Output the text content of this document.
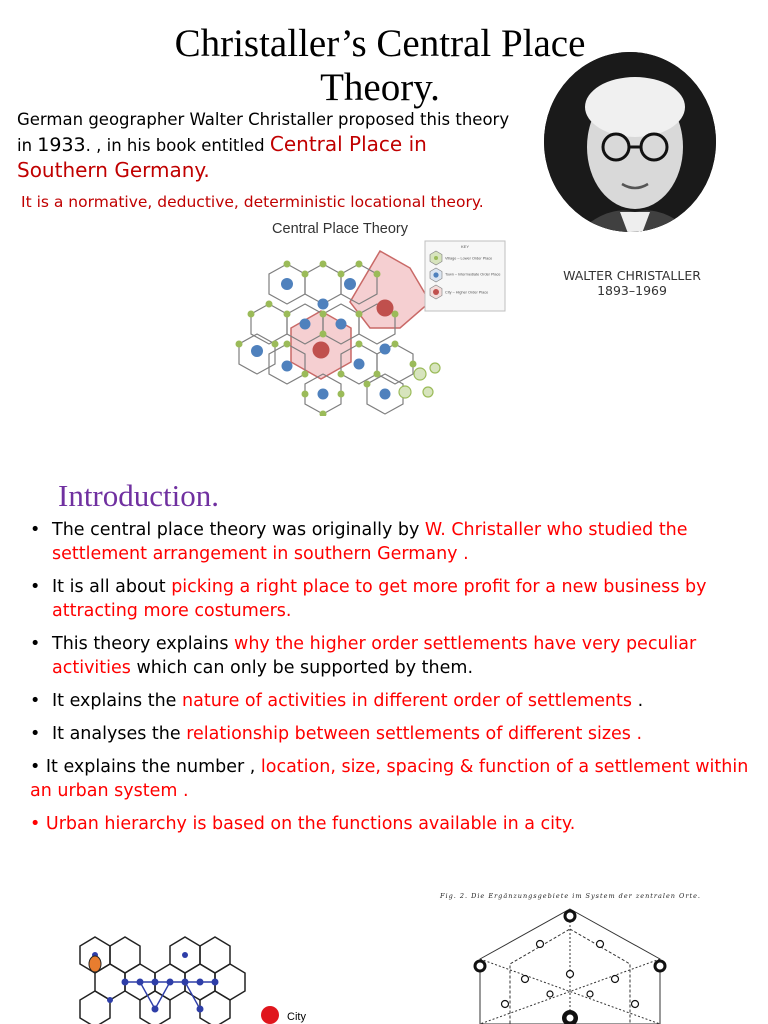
Christaller’s Central Place
Theory.
German geographer Walter Christaller proposed this theory in 1933. , in his book entitled Central Place in Southern Germany.
It is a normative, deductive, deterministic locational theory.
Central Place Theory
KEY
Village – Lower Order Place
Town – Intermediate Order Place
City – Higher Order Place
WALTER CHRISTALLER
1893–1969
Introduction.
• The central place theory was originally by W. Christaller who studied the settlement arrangement in southern Germany .
• It is all about picking a right place to get more profit for a new business by attracting more costumers.
• This theory explains why the higher order settlements have very peculiar activities which can only be supported by them.
• It explains the nature of activities in different order of settlements .
• It analyses the relationship between settlements of different sizes .
• It explains the number , location, size, spacing & function of a settlement within an urban system .
• Urban hierarchy is based on the functions available in a city.
City
Fig. 2. Die Ergänzungsgebiete im System der zentralen Orte.
